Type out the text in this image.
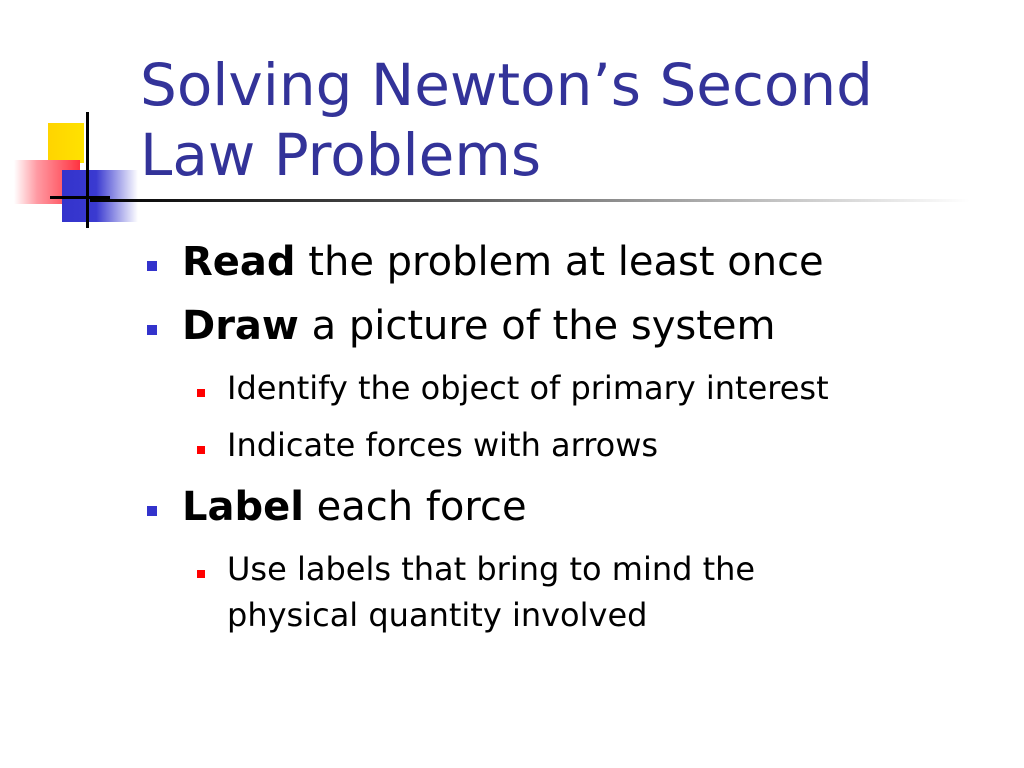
Solving Newton’s Second
Law Problems
Read the problem at least once
Draw a picture of the system
Identify the object of primary interest
Indicate forces with arrows
Label each force
Use labels that bring to mind the
physical quantity involved
